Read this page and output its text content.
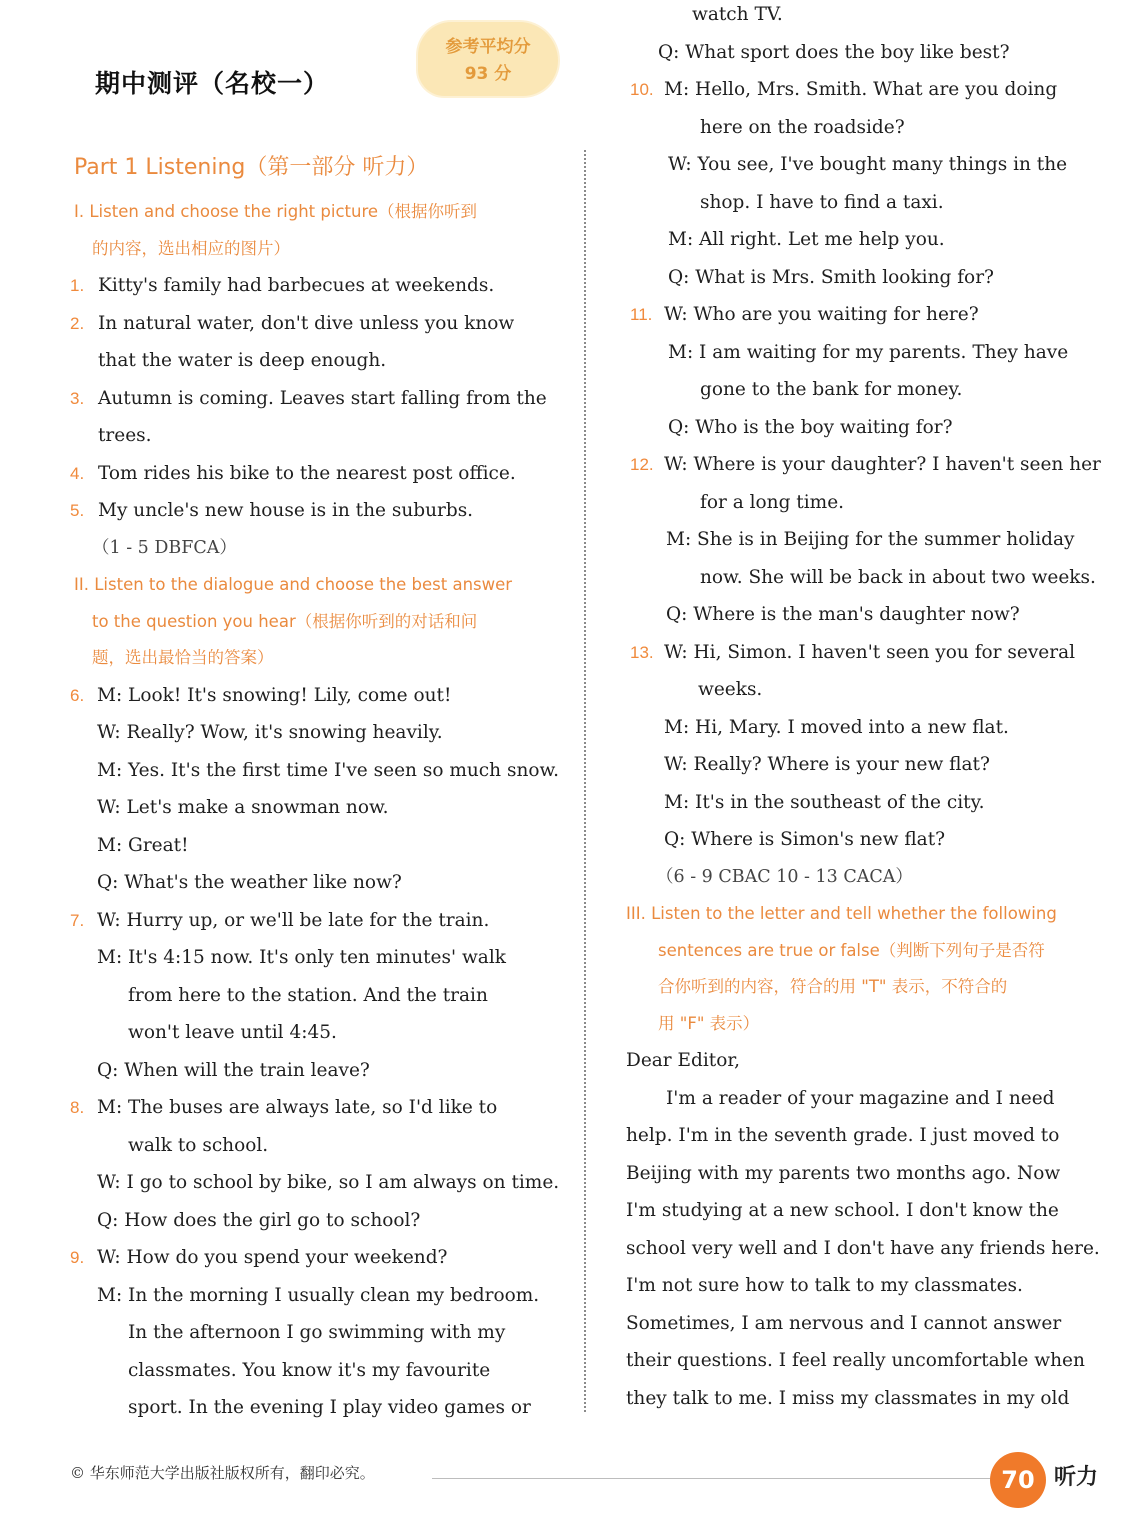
期中测评（名校一）
参考平均分
93 分
Part 1 Listening（第一部分 听力）
I. Listen and choose the right picture（根据你听到
的内容，选出相应的图片）
1. Kitty's family had barbecues at weekends.
2. In natural water, don't dive unless you know
that the water is deep enough.
3. Autumn is coming. Leaves start falling from the
trees.
4. Tom rides his bike to the nearest post office.
5. My uncle's new house is in the suburbs.
（1 - 5 DBFCA）
II. Listen to the dialogue and choose the best answer
to the question you hear（根据你听到的对话和问
题，选出最恰当的答案）
6. M: Look! It's snowing! Lily, come out!
W: Really? Wow, it's snowing heavily.
M: Yes. It's the first time I've seen so much snow.
W: Let's make a snowman now.
M: Great!
Q: What's the weather like now?
7. W: Hurry up, or we'll be late for the train.
M: It's 4:15 now. It's only ten minutes' walk
from here to the station. And the train
won't leave until 4:45.
Q: When will the train leave?
8. M: The buses are always late, so I'd like to
walk to school.
W: I go to school by bike, so I am always on time.
Q: How does the girl go to school?
9. W: How do you spend your weekend?
M: In the morning I usually clean my bedroom.
In the afternoon I go swimming with my
classmates. You know it's my favourite
sport. In the evening I play video games or
watch TV.
Q: What sport does the boy like best?
10. M: Hello, Mrs. Smith. What are you doing
here on the roadside?
W: You see, I've bought many things in the
shop. I have to find a taxi.
M: All right. Let me help you.
Q: What is Mrs. Smith looking for?
11. W: Who are you waiting for here?
M: I am waiting for my parents. They have
gone to the bank for money.
Q: Who is the boy waiting for?
12. W: Where is your daughter? I haven't seen her
for a long time.
M: She is in Beijing for the summer holiday
now. She will be back in about two weeks.
Q: Where is the man's daughter now?
13. W: Hi, Simon. I haven't seen you for several
weeks.
M: Hi, Mary. I moved into a new flat.
W: Really? Where is your new flat?
M: It's in the southeast of the city.
Q: Where is Simon's new flat?
（6 - 9 CBAC 10 - 13 CACA）
III. Listen to the letter and tell whether the following
sentences are true or false（判断下列句子是否符
合你听到的内容，符合的用 "T" 表示，不符合的
用 "F" 表示）
Dear Editor,
I'm a reader of your magazine and I need
help. I'm in the seventh grade. I just moved to
Beijing with my parents two months ago. Now
I'm studying at a new school. I don't know the
school very well and I don't have any friends here.
I'm not sure how to talk to my classmates.
Sometimes, I am nervous and I cannot answer
their questions. I feel really uncomfortable when
they talk to me. I miss my classmates in my old
© 华东师范大学出版社版权所有，翻印必究。	70 听力
